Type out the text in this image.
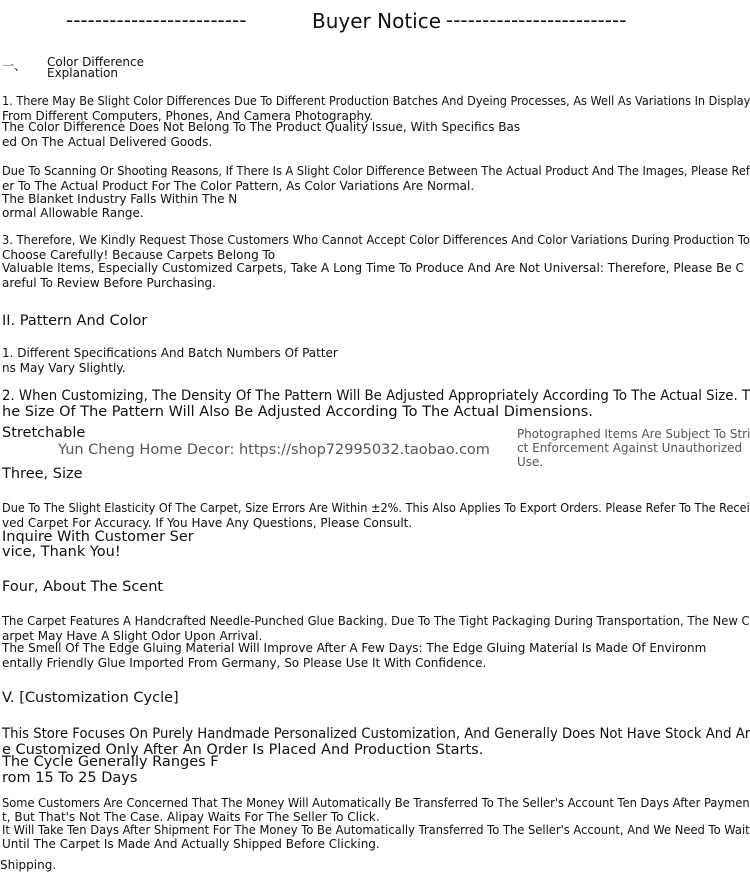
-------------------------	Buyer Notice -------------------------
一、 Color Difference
Explanation
1. There May Be Slight Color Differences Due To Different Production Batches And Dyeing Processes, As Well As Variations In Display
From Different Computers, Phones, And Camera Photography.
The Color Difference Does Not Belong To The Product Quality Issue, With Specifics Bas
ed On The Actual Delivered Goods.
Due To Scanning Or Shooting Reasons, If There Is A Slight Color Difference Between The Actual Product And The Images, Please Ref
er To The Actual Product For The Color Pattern, As Color Variations Are Normal.
The Blanket Industry Falls Within The N
ormal Allowable Range.
3. Therefore, We Kindly Request Those Customers Who Cannot Accept Color Differences And Color Variations During Production To
Choose Carefully! Because Carpets Belong To
Valuable Items, Especially Customized Carpets, Take A Long Time To Produce And Are Not Universal: Therefore, Please Be C
areful To Review Before Purchasing.
II. Pattern And Color
1. Different Specifications And Batch Numbers Of Patter
ns May Vary Slightly.
2. When Customizing, The Density Of The Pattern Will Be Adjusted Appropriately According To The Actual Size. T
he Size Of The Pattern Will Also Be Adjusted According To The Actual Dimensions.
Stretchable
Yun Cheng Home Decor: https://shop72995032.taobao.com
Photographed Items Are Subject To Stri
ct Enforcement Against Unauthorized
Use.
Three, Size
Due To The Slight Elasticity Of The Carpet, Size Errors Are Within ±2%. This Also Applies To Export Orders. Please Refer To The Recei
ved Carpet For Accuracy. If You Have Any Questions, Please Consult.
Inquire With Customer Ser
vice, Thank You!
Four, About The Scent
The Carpet Features A Handcrafted Needle-Punched Glue Backing. Due To The Tight Packaging During Transportation, The New C
arpet May Have A Slight Odor Upon Arrival.
The Smell Of The Edge Gluing Material Will Improve After A Few Days: The Edge Gluing Material Is Made Of Environm
entally Friendly Glue Imported From Germany, So Please Use It With Confidence.
V. [Customization Cycle]
This Store Focuses On Purely Handmade Personalized Customization, And Generally Does Not Have Stock And Ar
e Customized Only After An Order Is Placed And Production Starts.
The Cycle Generally Ranges F
rom 15 To 25 Days
Some Customers Are Concerned That The Money Will Automatically Be Transferred To The Seller's Account Ten Days After Paymen
t, But That's Not The Case. Alipay Waits For The Seller To Click.
It Will Take Ten Days After Shipment For The Money To Be Automatically Transferred To The Seller's Account, And We Need To Wait
Until The Carpet Is Made And Actually Shipped Before Clicking.
Shipping.
